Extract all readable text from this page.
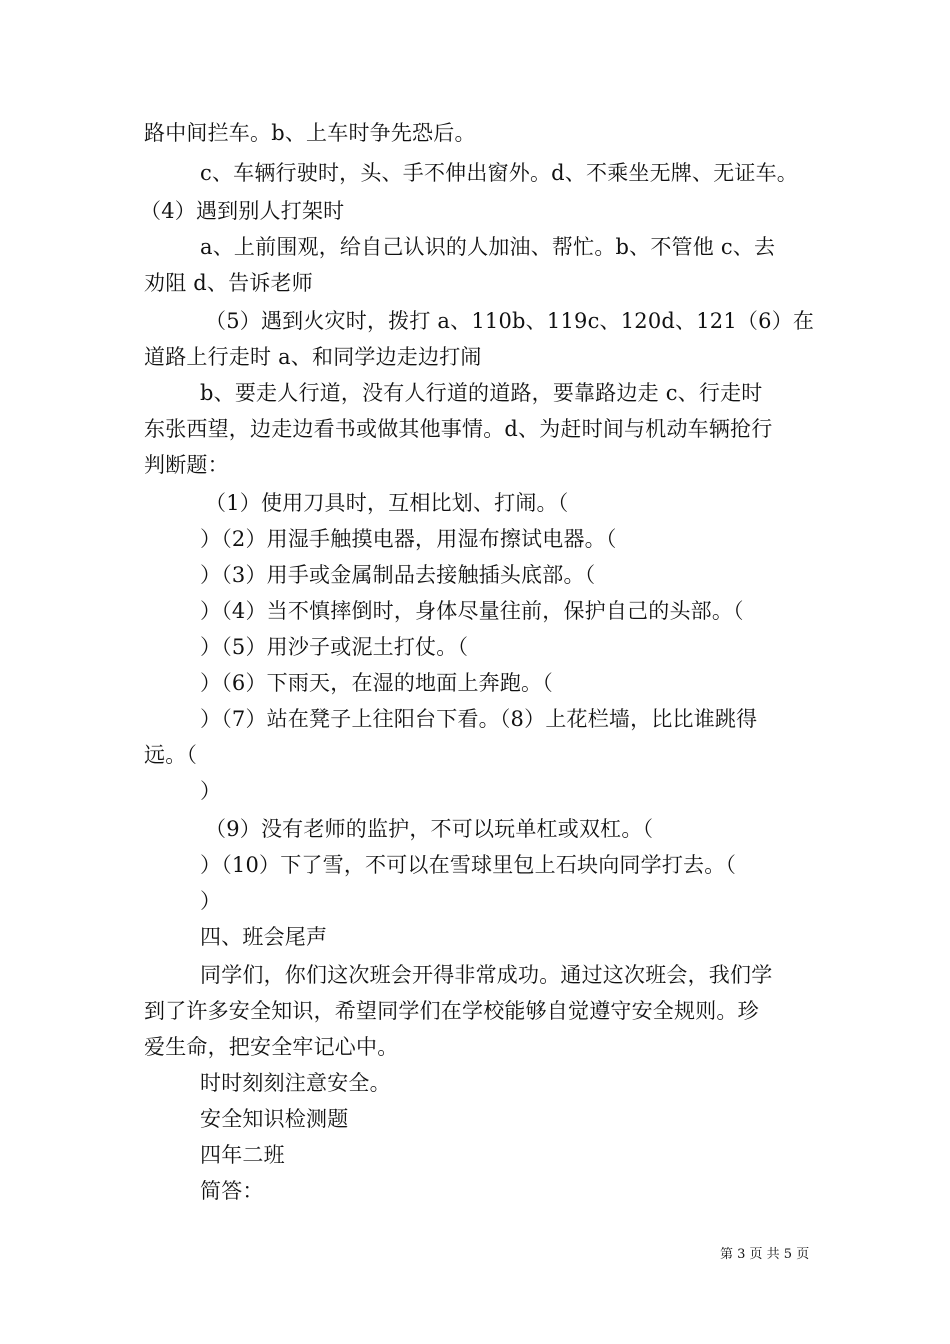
路中间拦车。b、上车时争先恐后。
c、车辆行驶时，头、手不伸出窗外。d、不乘坐无牌、无证车。
（4）遇到别人打架时
a、上前围观，给自己认识的人加油、帮忙。b、不管他 c、去
劝阻 d、告诉老师
（5）遇到火灾时，拨打 a、110b、119c、120d、121（6）在
道路上行走时 a、和同学边走边打闹
b、要走人行道，没有人行道的道路，要靠路边走 c、行走时
东张西望，边走边看书或做其他事情。d、为赶时间与机动车辆抢行
判断题：
（1）使用刀具时，互相比划、打闹。（
）（2）用湿手触摸电器，用湿布擦试电器。（
）（3）用手或金属制品去接触插头底部。（
）（4）当不慎摔倒时，身体尽量往前，保护自己的头部。（
）（5）用沙子或泥土打仗。（
）（6）下雨天，在湿的地面上奔跑。（
）（7）站在凳子上往阳台下看。（8）上花栏墙，比比谁跳得
远。（
）
（9）没有老师的监护，不可以玩单杠或双杠。（
）（10）下了雪，不可以在雪球里包上石块向同学打去。（
）
四、班会尾声
同学们，你们这次班会开得非常成功。通过这次班会，我们学
到了许多安全知识，希望同学们在学校能够自觉遵守安全规则。珍
爱生命，把安全牢记心中。
时时刻刻注意安全。
安全知识检测题
四年二班
简答：
第 3 页 共 5 页
